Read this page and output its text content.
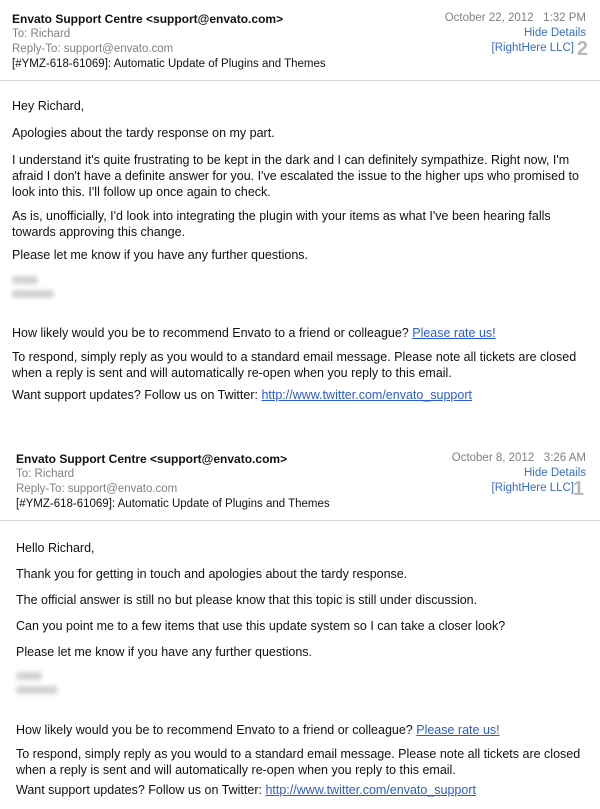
Envato Support Centre <support@envato.com>
To: Richard
Reply-To: support@envato.com
[#YMZ-618-61069]: Automatic Update of Plugins and Themes
October 22, 2012   1:32 PM
Hide Details
[RightHere LLC] 2

Hey Richard,

Apologies about the tardy response on my part.

I understand it's quite frustrating to be kept in the dark and I can definitely sympathize. Right now, I'm afraid I don't have a definite answer for you. I've escalated the issue to the higher ups who promised to look into this. I'll follow up once again to check.

As is, unofficially, I'd look into integrating the plugin with your items as what I've been hearing falls towards approving this change.

Please let me know if you have any further questions.

How likely would you be to recommend Envato to a friend or colleague? Please rate us!

To respond, simply reply as you would to a standard email message. Please note all tickets are closed when a reply is sent and will automatically re-open when you reply to this email.

Want support updates? Follow us on Twitter: http://www.twitter.com/envato_support

Envato Support Centre <support@envato.com>
To: Richard
Reply-To: support@envato.com
[#YMZ-618-61069]: Automatic Update of Plugins and Themes
October 8, 2012   3:26 AM
Hide Details
[RightHere LLC]
1

Hello Richard,

Thank you for getting in touch and apologies about the tardy response.

The official answer is still no but please know that this topic is still under discussion.

Can you point me to a few items that use this update system so I can take a closer look?

Please let me know if you have any further questions.

How likely would you be to recommend Envato to a friend or colleague? Please rate us!

To respond, simply reply as you would to a standard email message. Please note all tickets are closed when a reply is sent and will automatically re-open when you reply to this email.

Want support updates? Follow us on Twitter: http://www.twitter.com/envato_support
